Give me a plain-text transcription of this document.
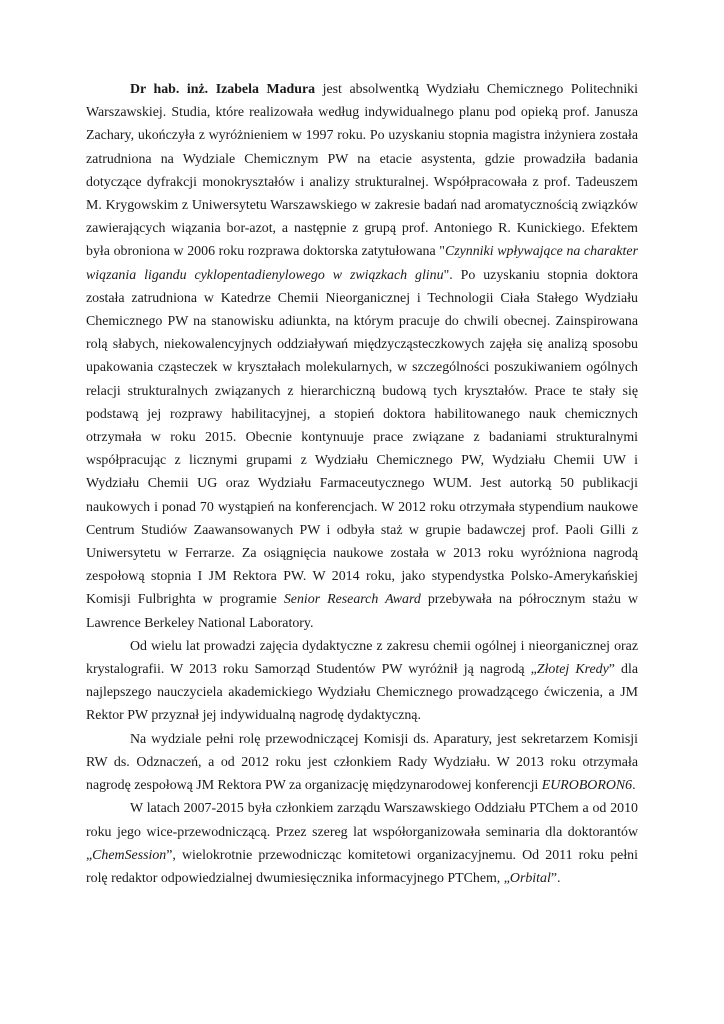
Dr hab. inż. Izabela Madura jest absolwentką Wydziału Chemicznego Politechniki Warszawskiej. Studia, które realizowała według indywidualnego planu pod opieką prof. Janusza Zachary, ukończyła z wyróżnieniem w 1997 roku. Po uzyskaniu stopnia magistra inżyniera została zatrudniona na Wydziale Chemicznym PW na etacie asystenta, gdzie prowadziła badania dotyczące dyfrakcji monokryształów i analizy strukturalnej. Współpracowała z prof. Tadeuszem M. Krygowskim z Uniwersytetu Warszawskiego w zakresie badań nad aromatycznością związków zawierających wiązania bor-azot, a następnie z grupą prof. Antoniego R. Kunickiego. Efektem była obroniona w 2006 roku rozprawa doktorska zatytułowana "Czynniki wpływające na charakter wiązania ligandu cyklopentadienylowego w związkach glinu". Po uzyskaniu stopnia doktora została zatrudniona w Katedrze Chemii Nieorganicznej i Technologii Ciała Stałego Wydziału Chemicznego PW na stanowisku adiunkta, na którym pracuje do chwili obecnej. Zainspirowana rolą słabych, niekowalencyjnych oddziaływań międzycząsteczkowych zajęła się analizą sposobu upakowania cząsteczek w kryształach molekularnych, w szczególności poszukiwaniem ogólnych relacji strukturalnych związanych z hierarchiczną budową tych kryształów. Prace te stały się podstawą jej rozprawy habilitacyjnej, a stopień doktora habilitowanego nauk chemicznych otrzymała w roku 2015. Obecnie kontynuuje prace związane z badaniami strukturalnymi współpracując z licznymi grupami z Wydziału Chemicznego PW, Wydziału Chemii UW i Wydziału Chemii UG oraz Wydziału Farmaceutycznego WUM. Jest autorką 50 publikacji naukowych i ponad 70 wystąpień na konferencjach. W 2012 roku otrzymała stypendium naukowe Centrum Studiów Zaawansowanych PW i odbyła staż w grupie badawczej prof. Paoli Gilli z Uniwersytetu w Ferrarze. Za osiągnięcia naukowe została w 2013 roku wyróżniona nagrodą zespołową stopnia I JM Rektora PW. W 2014 roku, jako stypendystka Polsko-Amerykańskiej Komisji Fulbrighta w programie Senior Research Award przebywała na półrocznym stażu w Lawrence Berkeley National Laboratory.

Od wielu lat prowadzi zajęcia dydaktyczne z zakresu chemii ogólnej i nieorganicznej oraz krystalografii. W 2013 roku Samorząd Studentów PW wyróżnił ją nagrodą „Złotej Kredy” dla najlepszego nauczyciela akademickiego Wydziału Chemicznego prowadzącego ćwiczenia, a JM Rektor PW przyznał jej indywidualną nagrodę dydaktyczną.

Na wydziale pełni rolę przewodniczącej Komisji ds. Aparatury, jest sekretarzem Komisji RW ds. Odznaczeń, a od 2012 roku jest członkiem Rady Wydziału. W 2013 roku otrzymała nagrodę zespołową JM Rektora PW za organizację międzynarodowej konferencji EUROBORON6.

W latach 2007-2015 była członkiem zarządu Warszawskiego Oddziału PTChem a od 2010 roku jego wice-przewodniczącą. Przez szereg lat współorganizowała seminaria dla doktorantów „ChemSession”, wielokrotnie przewodnicząc komitetowi organizacyjnemu. Od 2011 roku pełni rolę redaktor odpowiedzialnej dwumiesięcznika informacyjnego PTChem, „Orbital”.
